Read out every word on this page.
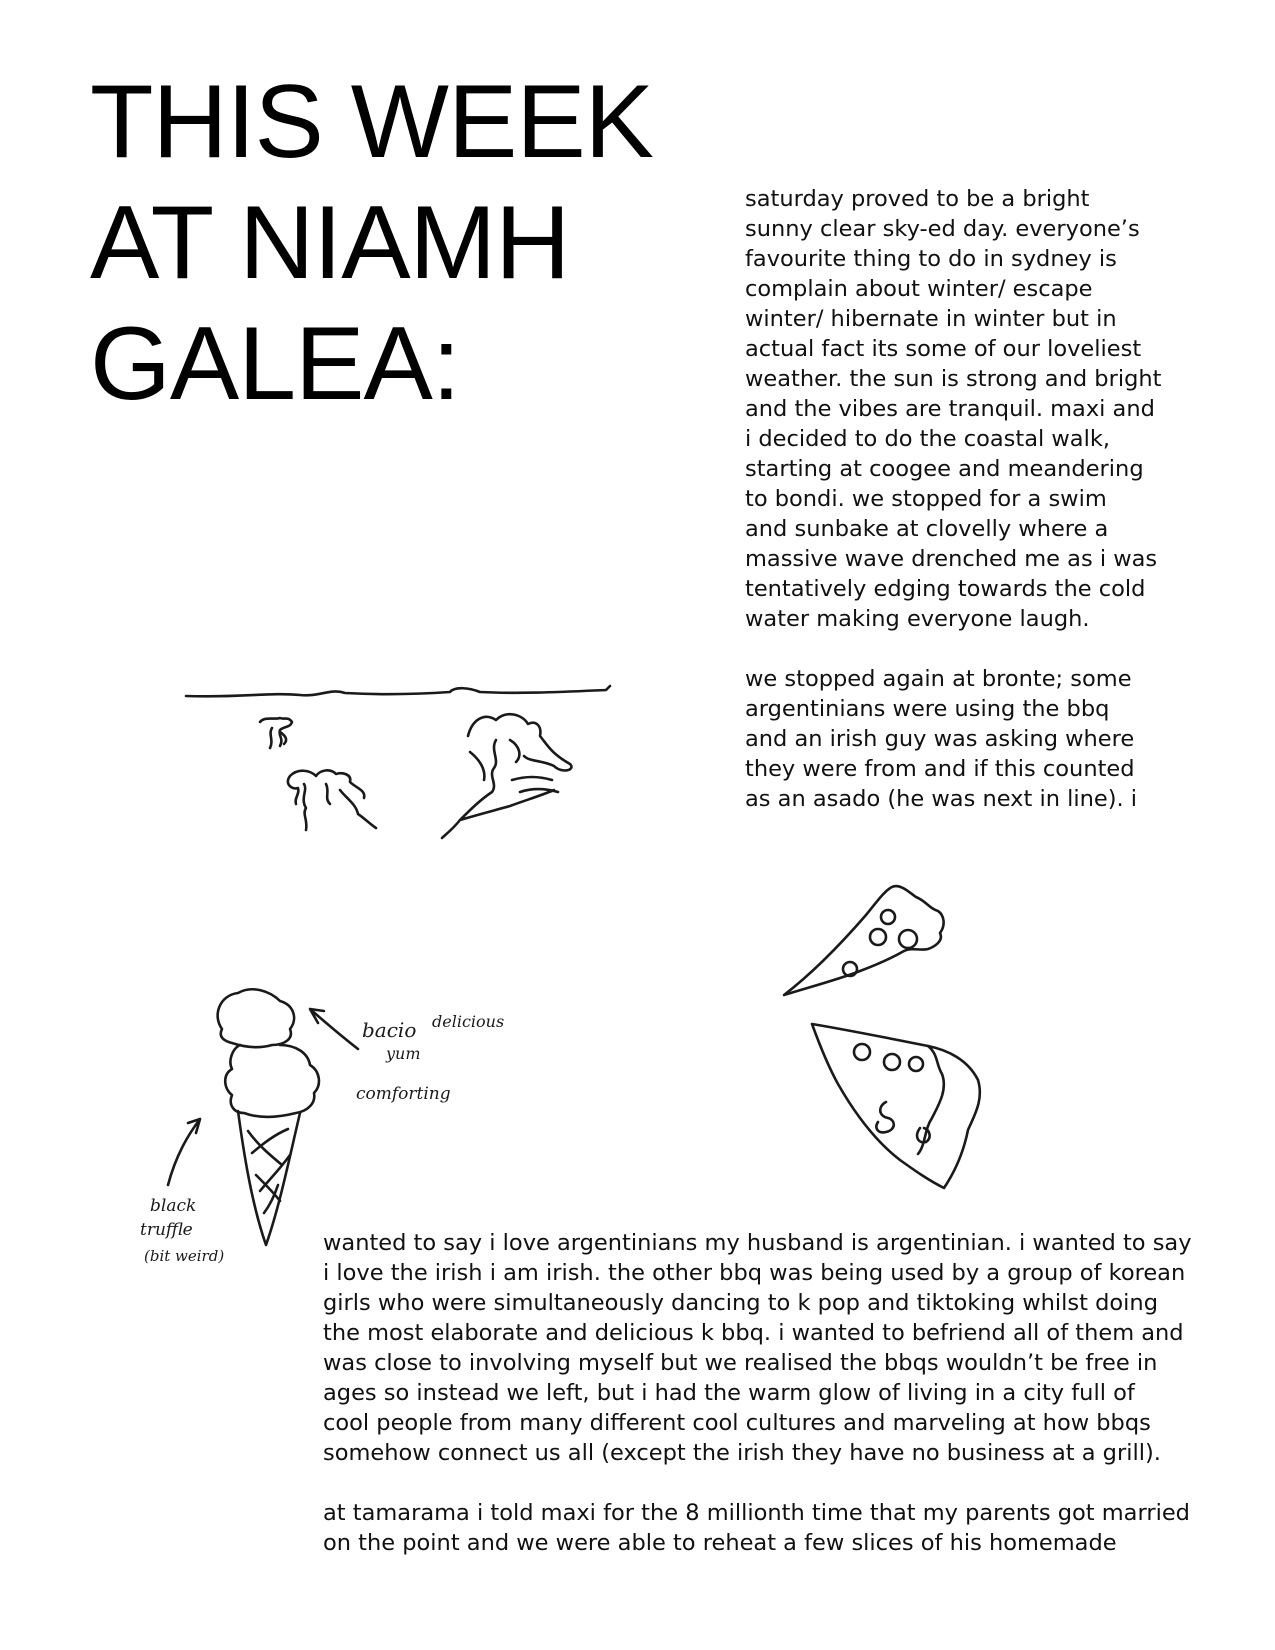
THIS WEEK
AT NIAMH
GALEA:

saturday proved to be a bright
sunny clear sky-ed day. everyone’s
favourite thing to do in sydney is
complain about winter/ escape
winter/ hibernate in winter but in
actual fact its some of our loveliest
weather. the sun is strong and bright
and the vibes are tranquil. maxi and
i decided to do the coastal walk,
starting at coogee and meandering
to bondi. we stopped for a swim
and sunbake at clovelly where a
massive wave drenched me as i was
tentatively edging towards the cold
water making everyone laugh.

we stopped again at bronte; some
argentinians were using the bbq
and an irish guy was asking where
they were from and if this counted
as an asado (he was next in line). i

wanted to say i love argentinians my husband is argentinian. i wanted to say
i love the irish i am irish. the other bbq was being used by a group of korean
girls who were simultaneously dancing to k pop and tiktoking whilst doing
the most elaborate and delicious k bbq. i wanted to befriend all of them and
was close to involving myself but we realised the bbqs wouldn’t be free in
ages so instead we left, but i had the warm glow of living in a city full of
cool people from many different cool cultures and marveling at how bbqs
somehow connect us all (except the irish they have no business at a grill).

at tamarama i told maxi for the 8 millionth time that my parents got married
on the point and we were able to reheat a few slices of his homemade

bacio delicious
yum
comforting
black
truffle
(bit weird)
